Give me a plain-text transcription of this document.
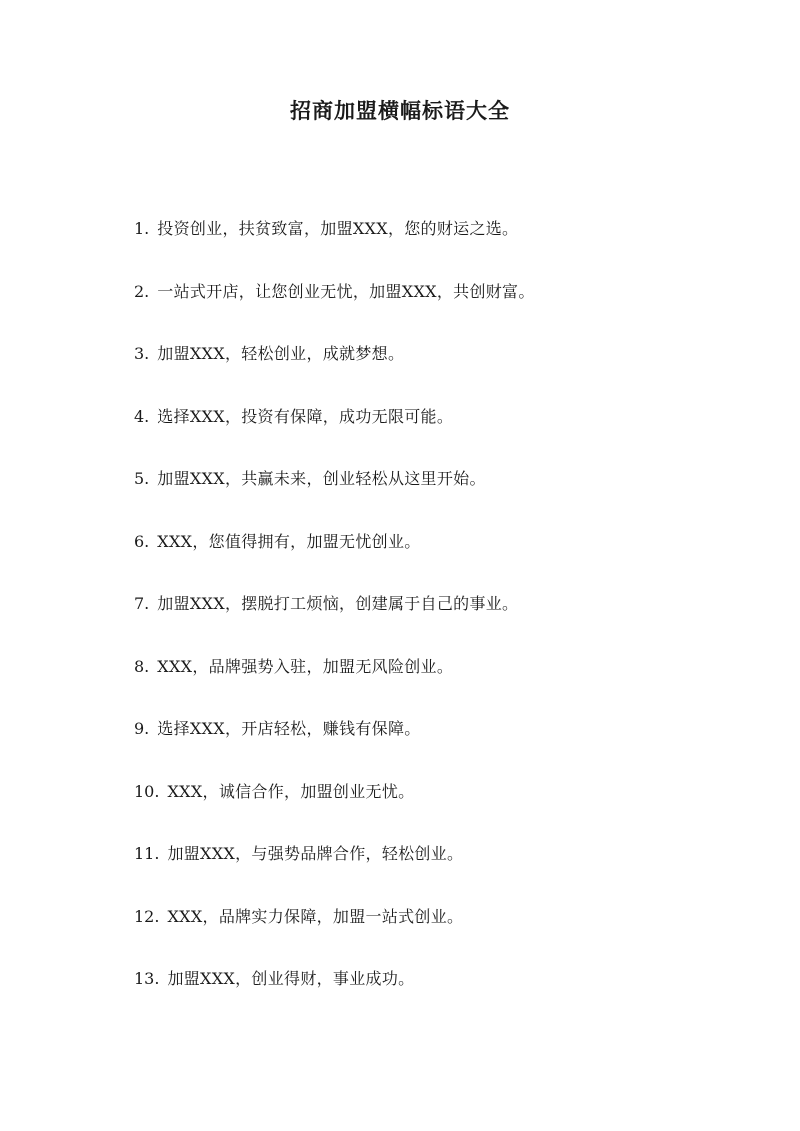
招商加盟横幅标语大全
1. 投资创业，扶贫致富，加盟XXX，您的财运之选。
2. 一站式开店，让您创业无忧，加盟XXX，共创财富。
3. 加盟XXX，轻松创业，成就梦想。
4. 选择XXX，投资有保障，成功无限可能。
5. 加盟XXX，共赢未来，创业轻松从这里开始。
6. XXX，您值得拥有，加盟无忧创业。
7. 加盟XXX，摆脱打工烦恼，创建属于自己的事业。
8. XXX，品牌强势入驻，加盟无风险创业。
9. 选择XXX，开店轻松，赚钱有保障。
10. XXX，诚信合作，加盟创业无忧。
11. 加盟XXX，与强势品牌合作，轻松创业。
12. XXX，品牌实力保障，加盟一站式创业。
13. 加盟XXX，创业得财，事业成功。
